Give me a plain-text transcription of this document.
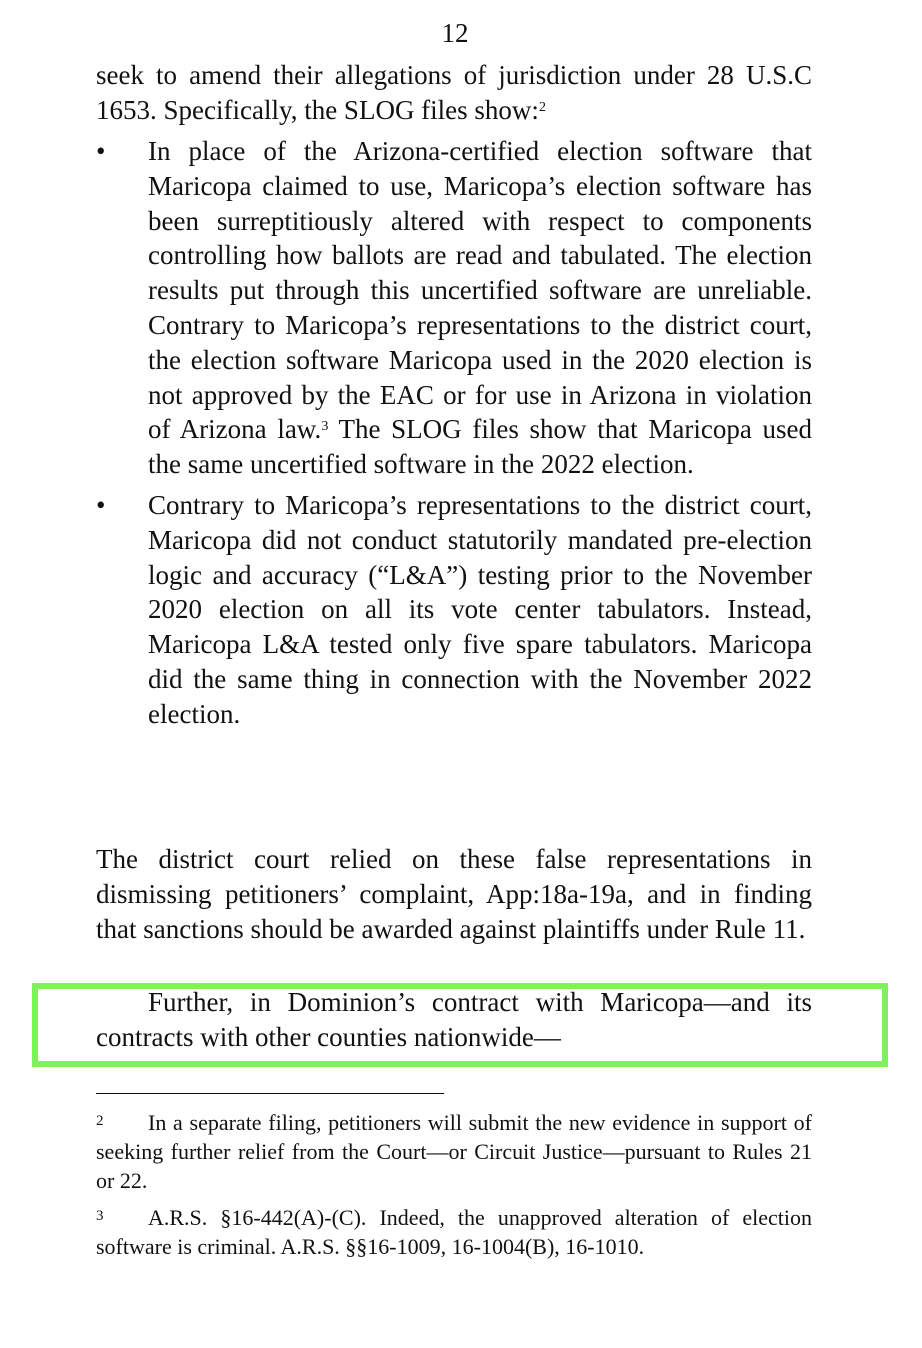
12
seek to amend their allegations of jurisdiction under 28 U.S.C 1653. Specifically, the SLOG files show:$^2$
•	In place of the Arizona-certified election software that Maricopa claimed to use, Maricopa’s election software has been surreptitiously altered with respect to components controlling how ballots are read and tabulated. The election results put through this uncertified software are unreliable. Contrary to Maricopa’s representations to the district court, the election software Maricopa used in the 2020 election is not approved by the EAC or for use in Arizona in violation of Arizona law.$^3$ The SLOG files show that Maricopa used the same uncertified software in the 2022 election.
•	Contrary to Maricopa’s representations to the district court, Maricopa did not conduct statutorily mandated pre-election logic and accuracy (“L&A”) testing prior to the November 2020 election on all its vote center tabulators. Instead, Maricopa L&A tested only five spare tabulators. Maricopa did the same thing in connection with the November 2022 election.
The district court relied on these false representations in dismissing petitioners’ complaint, App:18a-19a, and in finding that sanctions should be awarded against plaintiffs under Rule 11.
Further, in Dominion’s contract with Maricopa—and its contracts with other counties nationwide—
2 In a separate filing, petitioners will submit the new evidence in support of seeking further relief from the Court—or Circuit Justice—pursuant to Rules 21 or 22.
3 A.R.S. §16-442(A)-(C). Indeed, the unapproved alteration of election software is criminal. A.R.S. §§16-1009, 16-1004(B), 16-1010.
